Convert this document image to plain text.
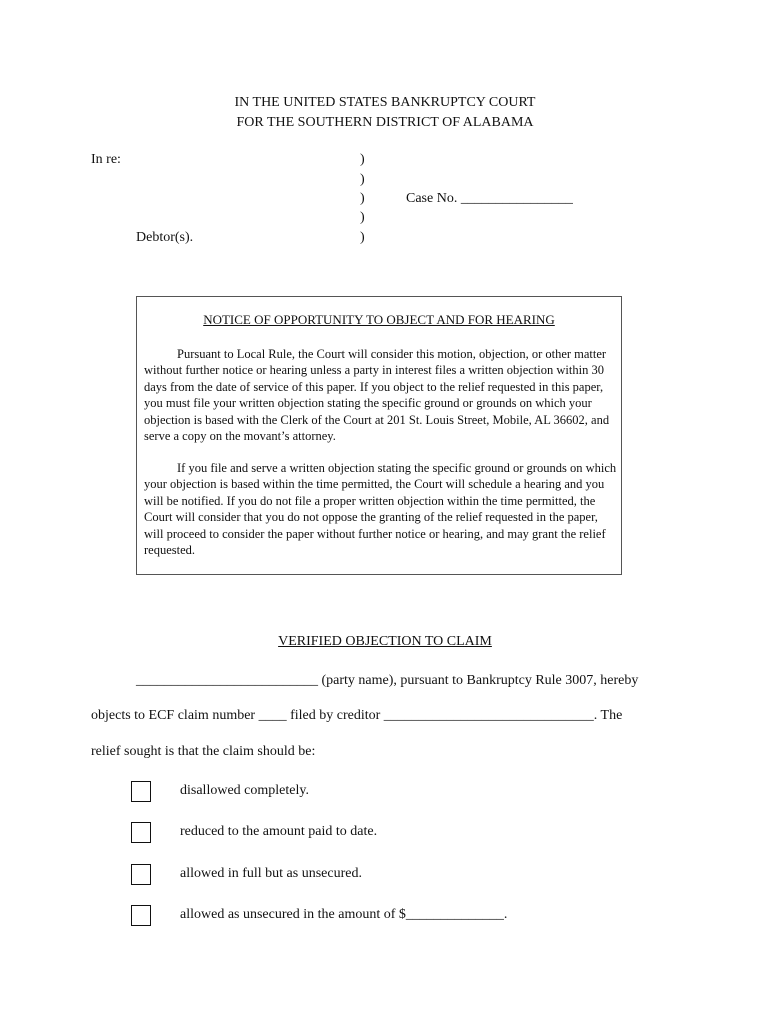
IN THE UNITED STATES BANKRUPTCY COURT
FOR THE SOUTHERN DISTRICT OF ALABAMA
In re:	)
)
)
)
)
Case No. ________________
Debtor(s).
NOTICE OF OPPORTUNITY TO OBJECT AND FOR HEARING
Pursuant to Local Rule, the Court will consider this motion, objection, or other matter without further notice or hearing unless a party in interest files a written objection within 30 days from the date of service of this paper. If you object to the relief requested in this paper, you must file your written objection stating the specific ground or grounds on which your objection is based with the Clerk of the Court at 201 St. Louis Street, Mobile, AL 36602, and serve a copy on the movant’s attorney.
If you file and serve a written objection stating the specific ground or grounds on which your objection is based within the time permitted, the Court will schedule a hearing and you will be notified. If you do not file a proper written objection within the time permitted, the Court will consider that you do not oppose the granting of the relief requested in the paper, will proceed to consider the paper without further notice or hearing, and may grant the relief requested.
VERIFIED OBJECTION TO CLAIM
__________________________ (party name), pursuant to Bankruptcy Rule 3007, hereby
objects to ECF claim number ____ filed by creditor ______________________________. The
relief sought is that the claim should be:
disallowed completely.
reduced to the amount paid to date.
allowed in full but as unsecured.
allowed as unsecured in the amount of $______________.
